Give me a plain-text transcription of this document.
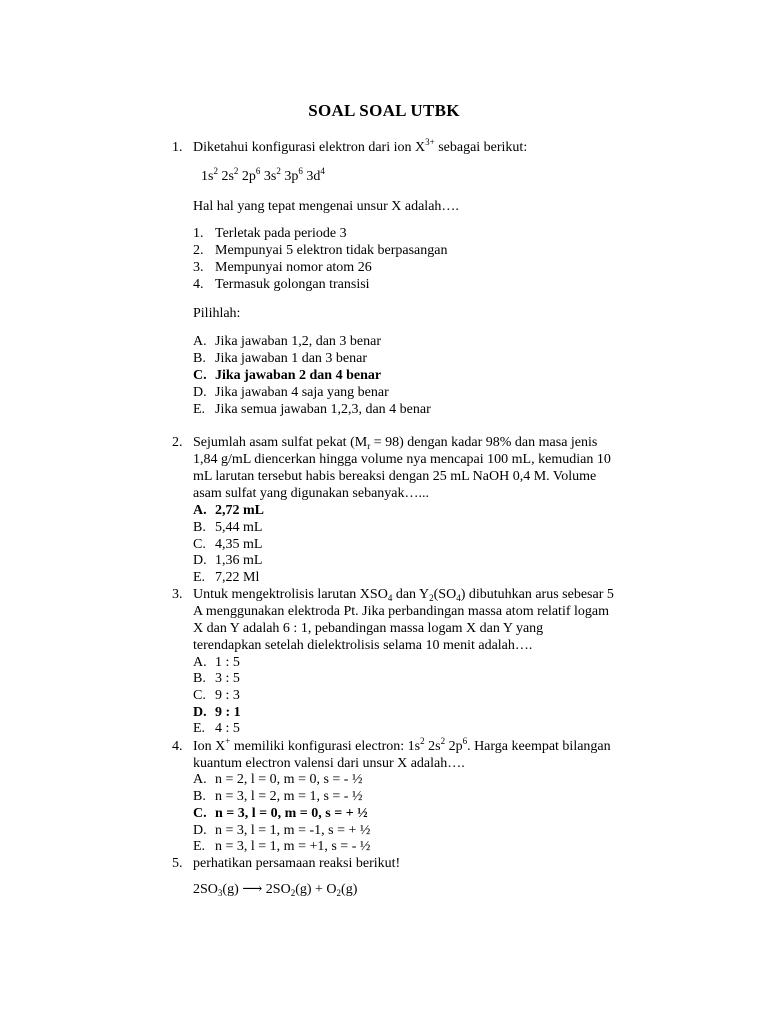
SOAL SOAL UTBK
1. Diketahui konfigurasi elektron dari ion $X^{3+}$ sebagai berikut:
$1s^2$ $2s^2$ $2p^6$ $3s^2$ $3p^6$ $3d^4$
Hal hal yang tepat mengenai unsur X adalah….
1. Terletak pada periode 3
2. Mempunyai 5 elektron tidak berpasangan
3. Mempunyai nomor atom 26
4. Termasuk golongan transisi
Pilihlah:
A. Jika jawaban 1,2, dan 3 benar
B. Jika jawaban 1 dan 3 benar
C. Jika jawaban 2 dan 4 benar
D. Jika jawaban 4 saja yang benar
E. Jika semua jawaban 1,2,3, dan 4 benar
2. Sejumlah asam sulfat pekat $(M_r = 98)$ dengan kadar 98% dan masa jenis
1,84 g/mL diencerkan hingga volume nya mencapai 100 mL, kemudian 10
mL larutan tersebut habis bereaksi dengan 25 mL NaOH 0,4 M. Volume
asam sulfat yang digunakan sebanyak…...
A. 2,72 mL
B. 5,44 mL
C. 4,35 mL
D. 1,36 mL
E. 7,22 Ml
3. Untuk mengektrolisis larutan $XSO_4$ dan $Y_2(SO_4)$ dibutuhkan arus sebesar 5
A menggunakan elektroda Pt. Jika perbandingan massa atom relatif logam
X dan Y adalah 6 : 1, pebandingan massa logam X dan Y yang
terendapkan setelah dielektrolisis selama 10 menit adalah….
A. 1 : 5
B. 3 : 5
C. 9 : 3
D. 9 : 1
E. 4 : 5
4. Ion X+ memiliki konfigurasi electron: $1s^2$ $2s^2$ $2p^6$. Harga keempat bilangan
kuantum electron valensi dari unsur X adalah….
A. n = 2, l = 0, m = 0, s = - ½
B. n = 3, l = 2, m = 1, s = - ½
C. n = 3, l = 0, m = 0, s = + ½
D. n = 3, l = 1, m = -1, s = + ½
E. n = 3, l = 1, m = +1, s = - ½
5. perhatikan persamaan reaksi berikut!
$2SO_3(g)$ ⟶ $2SO_2(g) + O_2(g)$
